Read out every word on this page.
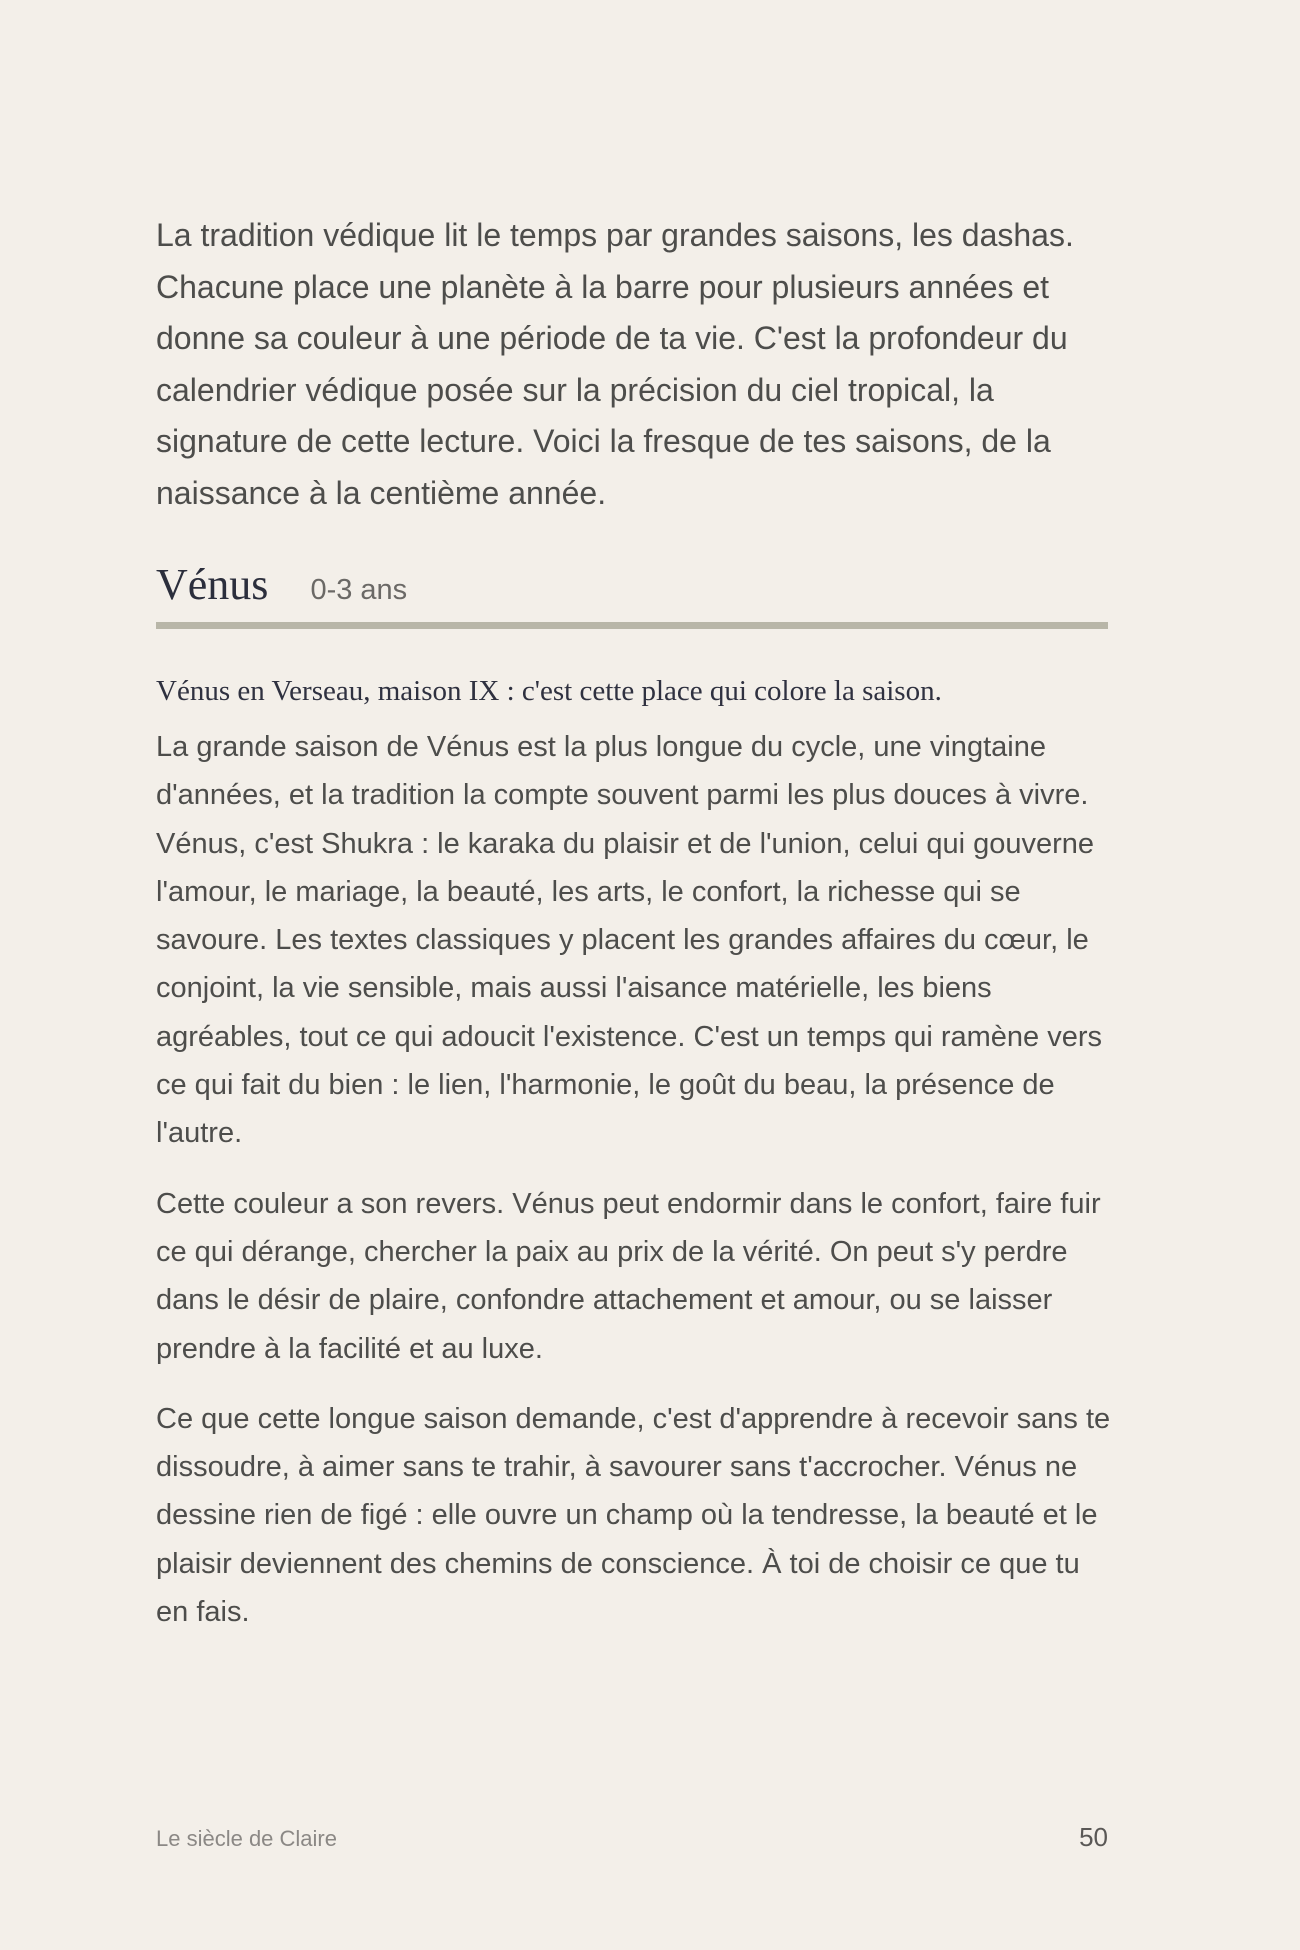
La tradition védique lit le temps par grandes saisons, les dashas. Chacune place une planète à la barre pour plusieurs années et donne sa couleur à une période de ta vie. C'est la profondeur du calendrier védique posée sur la précision du ciel tropical, la signature de cette lecture. Voici la fresque de tes saisons, de la naissance à la centième année.

Vénus 0-3 ans

Vénus en Verseau, maison IX : c'est cette place qui colore la saison.

La grande saison de Vénus est la plus longue du cycle, une vingtaine d'années, et la tradition la compte souvent parmi les plus douces à vivre. Vénus, c'est Shukra : le karaka du plaisir et de l'union, celui qui gouverne l'amour, le mariage, la beauté, les arts, le confort, la richesse qui se savoure. Les textes classiques y placent les grandes affaires du cœur, le conjoint, la vie sensible, mais aussi l'aisance matérielle, les biens agréables, tout ce qui adoucit l'existence. C'est un temps qui ramène vers ce qui fait du bien : le lien, l'harmonie, le goût du beau, la présence de l'autre.

Cette couleur a son revers. Vénus peut endormir dans le confort, faire fuir ce qui dérange, chercher la paix au prix de la vérité. On peut s'y perdre dans le désir de plaire, confondre attachement et amour, ou se laisser prendre à la facilité et au luxe.

Ce que cette longue saison demande, c'est d'apprendre à recevoir sans te dissoudre, à aimer sans te trahir, à savourer sans t'accrocher. Vénus ne dessine rien de figé : elle ouvre un champ où la tendresse, la beauté et le plaisir deviennent des chemins de conscience. À toi de choisir ce que tu en fais.

Le siècle de Claire	50
